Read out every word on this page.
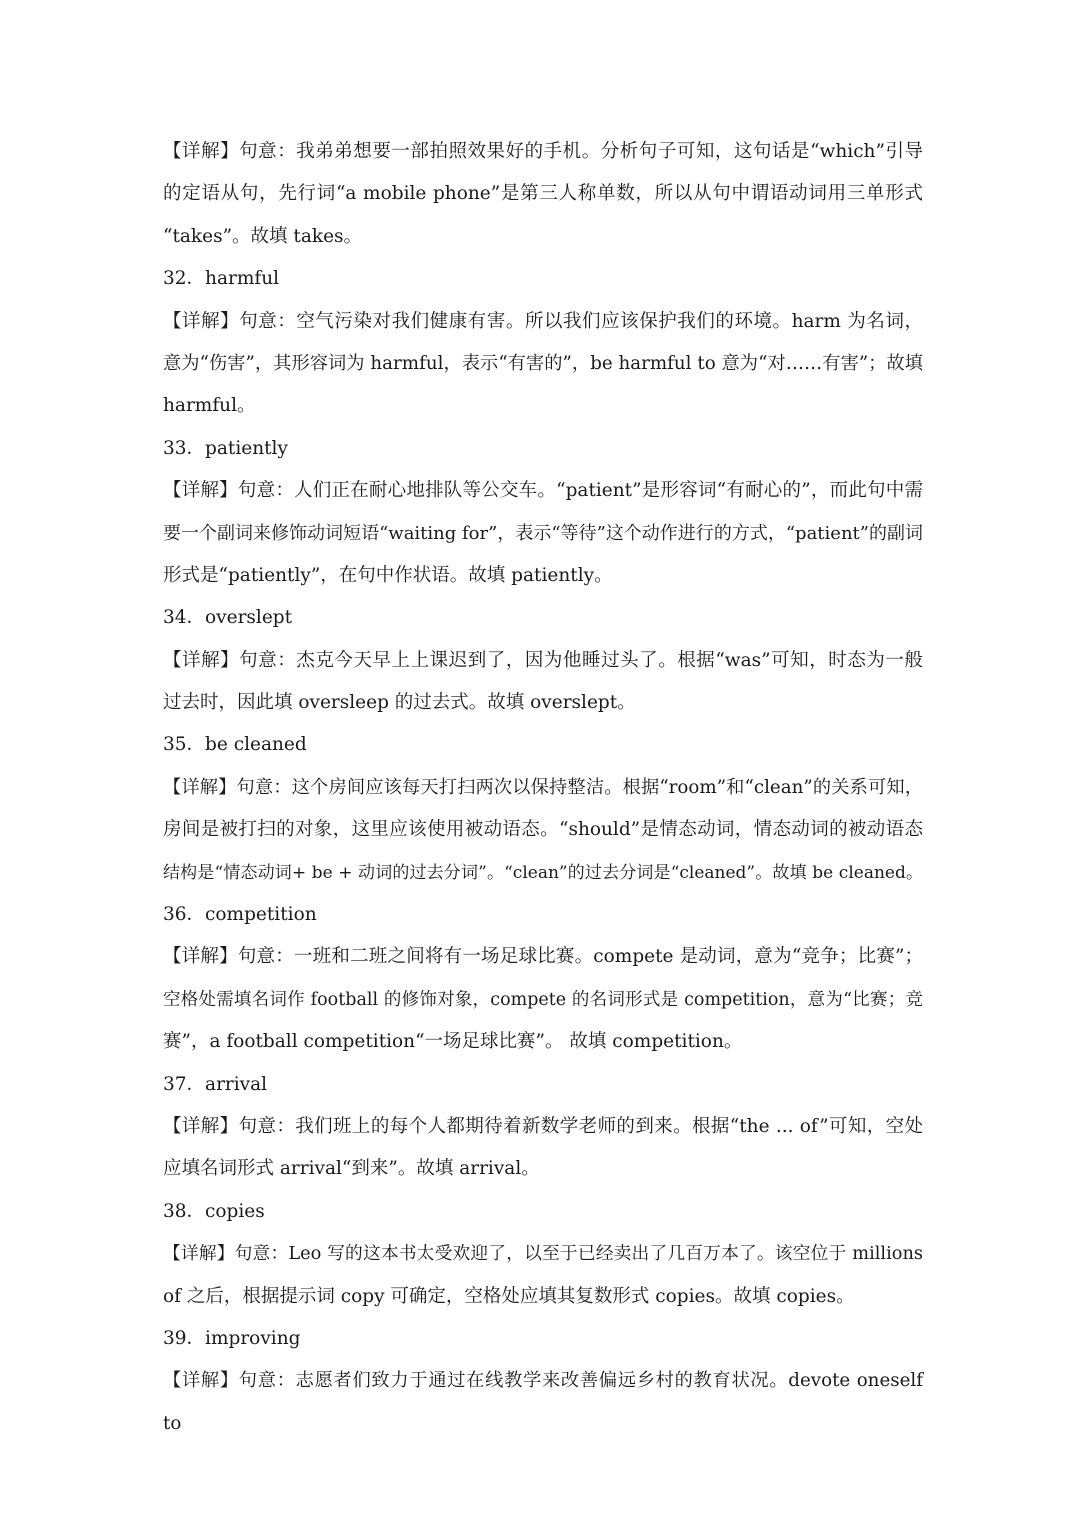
【详解】句意：我弟弟想要一部拍照效果好的手机。分析句子可知，这句话是“which”引导
的定语从句，先行词“a mobile phone”是第三人称单数，所以从句中谓语动词用三单形式
“takes”。故填 takes。
32．harmful
【详解】句意：空气污染对我们健康有害。所以我们应该保护我们的环境。harm 为名词，
意为“伤害”，其形容词为 harmful，表示“有害的”，be harmful to 意为“对……有害”；故填
harmful。
33．patiently
【详解】句意：人们正在耐心地排队等公交车。“patient”是形容词“有耐心的”，而此句中需
要一个副词来修饰动词短语“waiting for”，表示“等待”这个动作进行的方式，“patient”的副词
形式是“patiently”，在句中作状语。故填 patiently。
34．overslept
【详解】句意：杰克今天早上上课迟到了，因为他睡过头了。根据“was”可知，时态为一般
过去时，因此填 oversleep 的过去式。故填 overslept。
35．be cleaned
【详解】句意：这个房间应该每天打扫两次以保持整洁。根据“room”和“clean”的关系可知，
房间是被打扫的对象，这里应该使用被动语态。“should”是情态动词，情态动词的被动语态
结构是“情态动词+ be + 动词的过去分词”。“clean”的过去分词是“cleaned”。故填 be cleaned。
36．competition
【详解】句意：一班和二班之间将有一场足球比赛。compete 是动词，意为“竞争；比赛”；
空格处需填名词作 football 的修饰对象，compete 的名词形式是 competition，意为“比赛；竞
赛”，a football competition“一场足球比赛”。 故填 competition。
37．arrival
【详解】句意：我们班上的每个人都期待着新数学老师的到来。根据“the ... of”可知，空处
应填名词形式 arrival“到来”。故填 arrival。
38．copies
【详解】句意：Leo 写的这本书太受欢迎了，以至于已经卖出了几百万本了。该空位于 millions
of 之后，根据提示词 copy 可确定，空格处应填其复数形式 copies。故填 copies。
39．improving
【详解】句意：志愿者们致力于通过在线教学来改善偏远乡村的教育状况。devote oneself to
